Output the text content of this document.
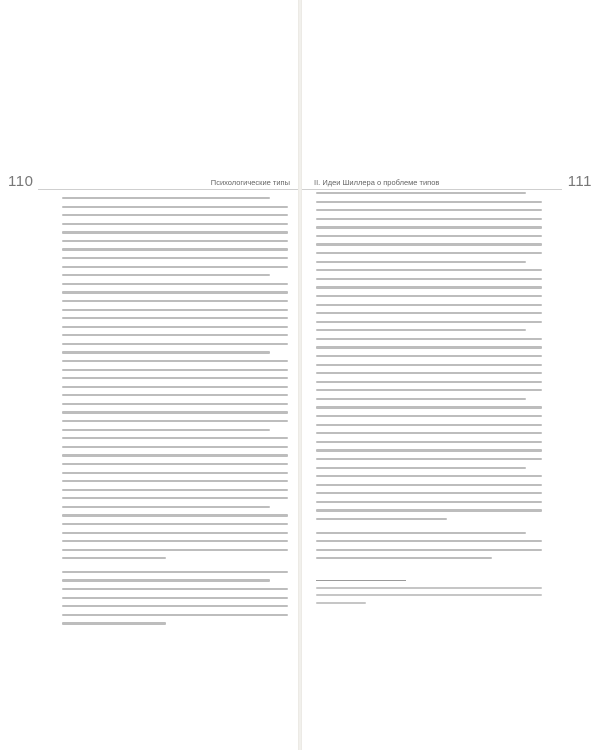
110	Психологические типы	II. Идеи Шиллера о проблеме типов	111
